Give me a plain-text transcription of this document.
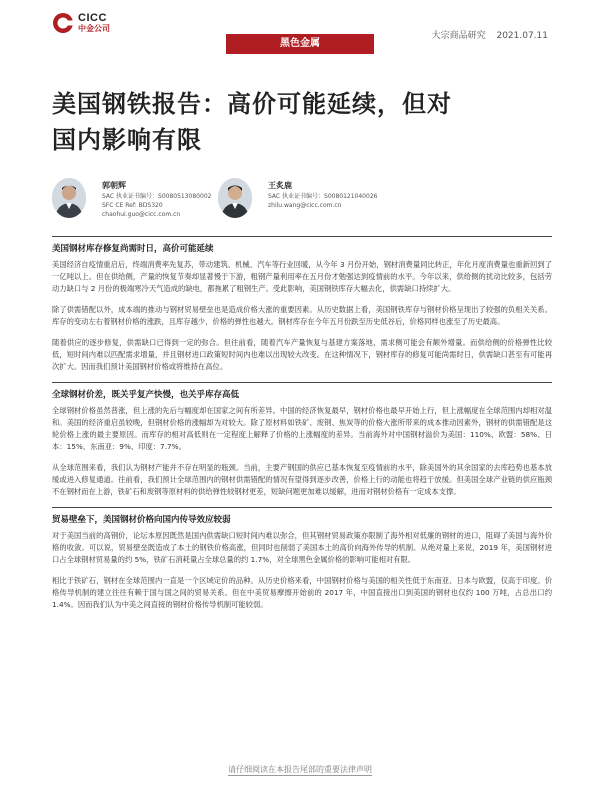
CICC
中金公司
大宗商品研究 2021.07.11
黑色金属
美国钢铁报告：高价可能延续，但对
国内影响有限
郭朝辉
SAC 执业证书编号：S0080513080002
SFC CE Ref: BDS320
chaohui.guo@cicc.com.cn
王炙鹿
SAC 执业证书编号：S0080121040026
zhilu.wang@cicc.com.cn
美国钢材库存修复尚需时日，高价可能延续

美国经济自疫情重启后，终端消费率先复苏，带动建筑、机械、汽车等行业回暖，从今年 3 月份开始，钢材消费量同比转正，年化月度消费量也重新回到了一亿吨以上。但在供给侧，产量的恢复节奏却显著慢于下游，粗钢产量利用率在五月份才勉强达到疫情前的水平。今年以来，供给侧的扰动比较多，包括劳动力缺口与 2 月份的极端寒冷天气造成的缺电，都拖累了粗钢生产。受此影响，美国钢铁库存大幅去化，供需缺口持续扩大。

除了供需错配以外，成本端的推动与钢材贸易壁垒也是造成价格大涨的重要因素。从历史数据上看，美国钢铁库存与钢材价格呈现出了较强的负相关关系。库存的变动左右着钢材价格的涨跌，且库存越少，价格的弹性也越大。钢材库存在今年五月份跌至历史低谷后，价格同样也涨至了历史最高。

随着供应的逐步修复，供需缺口已得到一定的弥合。但往前看，随着汽车产量恢复与基建方案落地，需求侧可能会有额外增量。而供给侧的价格弹性比较低，短时间内难以匹配需求增量，并且钢材进口政策短时间内也难以出现较大改变。在这种情况下，钢材库存的修复可能尚需时日，供需缺口甚至有可能再次扩大。因而我们预计美国钢材价格或将维持在高位。

全球钢材价差，既关乎复产快慢，也关乎库存高低

全球钢材价格虽然普涨，但上涨的先后与幅度却在国家之间有所差异。中国的经济恢复最早，钢材价格也最早开始上行，但上涨幅度在全球范围内却相对温和。美国的经济重启虽较晚，但钢材价格的涨幅却为对较大。除了原材料如铁矿、废钢、焦炭等的价格大涨所带来的成本推动因素外，钢材的供需错配是这轮价格上涨的最主要原因。而库存的相对高低则在一定程度上解释了价格的上涨幅度的差异。当前海外对中国钢材溢价为美国：110%、欧盟：58%、日本：15%、东南亚：9%、印度：7.7%。

从全球范围来看，我们认为钢材产能并不存在明显的瓶颈。当前，主要产钢国的供应已基本恢复至疫情前的水平，除美国外的其余国家的去库趋势也基本放缓或进入修复通道。往前看，我们预计全球范围内的钢材供需错配的情况有望得到逐步改善，价格上行的动能也将趋于放缓。但美国全球产业链的供应瓶颈不在钢材而在上游，铁矿石和废钢等原材料的供给弹性较钢材更差，短缺问题更加难以缓解，进而对钢材价格有一定成本支撑。

贸易壁垒下，美国钢材价格向国内传导效应较弱

对于美国当前的高钢价，论坛本原因既然是国内供需缺口短时间内难以弥合，但其钢材贸易政策亦限制了海外相对低廉的钢材的进口，阻碍了美国与海外价格的收敛。可以说，贸易壁垒既造成了本土的钢铁价格高涨，但同时也削弱了美国本土的高价向海外传导的机制。从绝对量上来说，2019 年，美国钢材进口占全球钢材贸易量的约 5%，铁矿石消耗量占全球总量的约 1.7%，对全球黑色金属价格的影响可能相对有限。

相比于铁矿石，钢材在全球范围内一直是一个区域定价的品种。从历史价格来看，中国钢材价格与美国的相关性低于东南亚、日本与欧盟，仅高于印度。价格传导机制的建立往往有赖于国与国之间的贸易关系。但在中美贸易摩擦开始前的 2017 年，中国直接出口到美国的钢材也仅约 100 万吨，占总出口约 1.4%。因而我们认为中美之间直接的钢材价格传导机制可能较弱。

请仔细阅读在本报告尾部的重要法律声明
